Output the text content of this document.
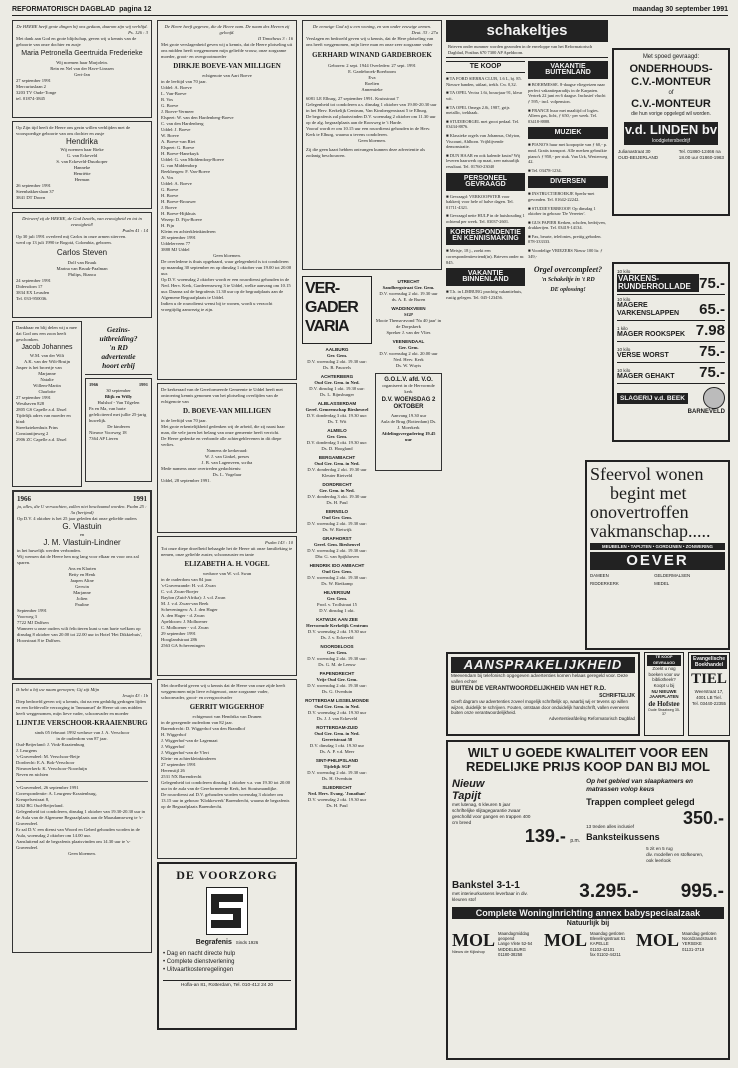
REFORMATORISCH DAGBLAD pagina 12	maandag 30 september 1991
De HEERE heeft grote dingen bij ons gedaan, daarom zijn wij verblijd.
Ps. 126 : 3
Met dank aan God en grote blijdschap, geven wij u kennis van de geboorte van onze dochter en zusje
Maria Petronella Geertruida Frederieke
Wij noemen haar Marjolein.
Rein en Nel van der Have-Linssen
Gert-Jan
27 september 1991
Mercuriuslaan 2
3203 TV Oude-Tonge
tel. 01874-3845
Op Zijn tijd heeft de Heere ons gezin willen verblijden met de voorspoedige geboorte van ons dochter en zusje
Hendrika
Wij noemen haar Rieke
G. van Eckeveld
S. van Eckeveld-Duurkoper
Hanneke
Henriëtte
Herman
26 september 1991
Steenbakkerslaan 37
3841 DT Doorn
Driewerf zij de HEERE, de God Israëls, van eeuwigheid en tot in eeuwigheid!
Psalm 41 : 14
Op 30 juli 1991 overleed mij Carlos in onze armen stierven.
werd op 13 juli 1990 te Bogotá, Colombia, geboren.
Carlos Steven
Dolf van Bruuk
Marina van Bruuk-Paalman
Philips, Bianca
24 september 1991
Didersdorn 17
3834 EX Leusden
Tel. 033-950036.
Dankbaar en blij delen wij u mee dat God ons een zoon heeft geschonken.
Jacob Johannes
W.M. van der Wilt
A.K. van der Wilt-Bruijn
Jasper is het broertje van
Marjanne
Natalie
Willem-Martin
Charlotte
27 september 1991
Westhaven 828
2805 GS Capelle a.d. IJssel
Tijdelijk adres van moeder en kind:
Streekziekenhuis Prins Constantijnweg 2
2906 ZC Capelle a.d. IJssel
Gezins-
uitbreiding?
'n RD
advertentie
hoort erbij
1966	1991
30 september
Blijk en Willy
Hulshof - Van Tilgelen
Pa en Ma, van harte gefeliciteerd met jullie 25-jarig huwelijk.
De kinderen
Nieuwe Voorweg 18
7364 AP Lieren
1966	1991
ja, alles, die U verwachten, zullen niet beschaamd worden. Psalm 25 : 3a (berijmd)
Op D.V. 4 oktober is het 25 jaar geleden dat onze geliefde ouders
G. Vlastuin
en
J. M. Vlastuin-Lindner
in het huwelijk werden verbonden.
Wij wensen dat de Heere hen nog lang voor elkaar en voor ons zal sparen.
Ans en Klarien
Betty en Henk
Jaapen Aline
Gerwin
Marjanne
Jolien
Pauline
September 1991
Voorweg 3
7722 MJ Dalfsen
Wanneer u onze ouders wilt feliciteren kunt u van harte welkom op dinsdag 8 oktober van 20.00 tot 22.00 uur in Hotel 'Het Dikkiehuis', Hoorstraat 8 te Dalfsen.
Ik hebt u bij uw naam geroepen; Gij zijt Mijn
Jesaja 43 : 1b
Diep bedroefd geven wij u kennis, dat na een geduldig gedragen lijden en een liefdevolle verzorging in 'Immanuel' de Heere uit ons midden heeft weggenomen, mijn lieve vader, schoonvader en moeder
LIJNTJE VERSCHOOR-KRAAIENBURG
sinds 05 februari 1992 weduwe van J. A. Verschoor
in de ouderdom van 87 jaar.
Oud-Beijerland: J. Vink-Kraaienburg
J. Leurgens
's-Gravendeel: M. Verschoor-Beije
Dordrecht: E.A. Bok-Verschoor
Nieuwerkerk: K. Verschoor-Noorduijn
Neven en nichten
's-Gravendeel, 26 september 1991
Correspondentie: A. Leurgens-Kraaienburg,
Kreupelsestraat 8,
3262 BG Oud-Beijerland.
Gelegenheid tot condoleren, dinsdag 1 oktober van 19.30-20.30 uur in de Aula van de Algemene Begraafplaats aan de Maasdamseweg te 's-Gravendeel.
Er zal D.V. een dienst van Woord en Gebed gehouden worden in de Aula, woensdag 2 oktober om 14.00 uur.
Aansluitend zal de begrafenis plaatsvinden om 14.30 uur te 's-Gravendeel.
Geen bloemen.
De Heere heeft gegeven, die de Heere nam. De naam des Heeren zij geloofd.
II Timotheus 3 : 16
Met grote verslagenheid geven wij u kennis, dat de Heere plotseling uit ons midden heeft weggenomen mijn geliefde vrouw, onze zorgzame moeder, groot- en overgrootmoeder
DIRKJE BOEVE-VAN MILLIGEN
echtgenote van Aart Boeve
in de leeftijd van 70 jaar.
Uddel: A. Boeve
L. Van-Boeve
B. Vos
G. Boeve
J. Boeve-Vermeer
Elspeet: W. van den Hardenberg-Boeve
C. van den Hardenberg
Uddel: J. Boeve
W. Boeve
A. Boeve-van Riet
Elspeet: G. Boeve
H. Boeve-Hanekuyk
Uddel: G. van Middendorp-Boeve
G. van Middendorp
Beekbergen: F. Van-Boeve
A. Vos
Uddel: A. Boeve
G. Boeve
H. Boeve
H. Boeve-Brouwer
J. Boeve
H. Boeve-Hijkhuis
Wezep: D. Fijn-Boeve
H. Fijn
Kleim en achterkleinkinderen
28 september 1991
Uddelerveen 77
3888 MJ Uddel
Geen bloemen.
De overledene is thuis opgebaard, waar gelegenheid is tot condoleren op maandag 30 september en op dinsdag 1 oktober van 19.00 tot 20.00 uur.
Op D.V. woensdag 2 oktober wordt er een rouwdienst gehouden in de Ned. Herv. Kerk, Garderenseweg 3 te Uddel, welke aanvang om 10.15 uur. Daarna zal de begrafenis 11.30 uur op de begraafplaats aan de Algemene Begraafplaats te Uddel.
Indien u de rouwdienst wenst bij te wonen, wordt u verzocht vroegtijdig aanwezig te zijn.
De kerkeraad van de Gereformeerde Gemeente te Uddel heeft met ontroering kennis genomen van het plotseling overlijden van de echtgenote van
D. BOEVE-VAN MILLIGEN
in de leeftijd van 70 jaar.
Met grote erkentelijkheid gedenken wij de arbeid, die zij naast haar man, die vele jaren het belang van onze gemeente heeft verricht.
De Heere gedenke en verbonde alle achtergeblevenen in dit diepe verlies.
Namens de kerkeraad:
W. J. van Ginkel, preses
J. B. van Lagenveen, scriba
Mede namens onze overtreden gedachtenis:
Ds. L. Vogelaar
Uddel, 28 september 1991.
Psalm 143 : 10
Tot onze diepe droefheid behaagde het de Heere uit onze familieking te nemen, onze geliefde zuster, schoonzuster en tante
ELIZABETH A. H. VOGEL
weduwe van W. v.d. Swan
in de ouderdom van 84 jaar.
's-Gravenzande: H. v.d. Zwan
C. v.d. Zwan-Boejer
Baylon (Zuid-Afrika): J. v.d. Zwan
M. J. v.d. Zwan-van Beek
Scheveningen: A. J. den Hager
A. den Hager - d. Zwan
Apeldoorn: J. Molhoener
C. Molhoener - v.d. Zwan
29 september 1991
Hooglandstraat 286
2563 GA Scheveningen
Met droefheid geven wij u kennis dat de Heere van onze zijde heeft weggenomen mijn lieve echtgenoot, onze zorgzame vader, schoonvader, groot- en overgrootvader
GERRIT WIGGERHOF
echtgenoot van Hendrika van Drunen
in de gezegende ouderdom van 82 jaar.
Barendrecht: D. Wiggerhof van den Brandhof
H. Wiggerhof
J. Wiggerhof-van de Lagemaat
J. Wiggerhof
J. Wiggerhof-van de Vlert
Klein- en achterkleinkinderen
27 september 1991
Herenstijl 26
2531 NX Barendrecht
Gelegenheid tot condoleren dinsdag 1 oktober v.a. van 19.30 tot 20.00 uur in de aula van de Gereformeerde Kerk, het Stoutsmandijke.
De rouwdienst zal D.V. gehouden worden woensdag 3 oktober om 13.15 uur in gebouw 'Klokkewerk' Barendrecht, waarna de begrafenis op de Begraafplaats Barendrecht.
DE VOORZORG
Begrafenis Sinds 1926
• Dag en nacht directe hulp
• Complete dienstverlening
• Uitvaartkostenregelingen
Hofla-an 81, Rotterdam, Tel. 010-412 24 20
De eenwige God zij u een woning, en van onder eeuwige armen.
Deut. 33 : 27a
Verslagen en bedroefd geven wij u kennis, dat de Here plotseling van ons heeft weggenomen, mijn lieve man en onze zeer zorgzame vader
GERHARD WINAND GARDEBROEK
Geboren: 2 sept. 1944 Overleden: 27 sept. 1991
E. Gardebroek-Boerboom
Eva
Roelien
Annemieke
6081 LE Elburg, 27 september 1991. Kruisstraat 7
Gelegenheid tot condoleren a.s. dinsdag 1 oktober van 19.00-20.30 uur in het Herv. Kerkelijk Centrum, Van Kinsbergenstraat 5 te Elburg.
De begrafenis zal plaatsvinden D.V. woensdag 2 oktober om 11.30 uur op de alg. begraafplaats aan de Roosweg te 't Harde.
Vooraf wordt er om 10.15 uur een rouwdienst gehouden in de Herv. Kerk te Elburg, waarna u tevens condoleren.
Geen bloemen.
Zij die geen kaart hebben ontvangen kunnen deze advertentie als zodanig beschouwen.
VER-
GADER
VARIA
AALBURG
Ger. Gem.
D.V. woensdag 2 okt. 19.30 uur:
Ds. B. Pauwels
ACHTERBERG
Oud Ger. Gem. in Ned.
D.V. dinsdag 1 okt. 19.30 uur:
Ds. L. Rijnsburger
ALBLASSERDAM
Geref. Gemeenschap Biesheuvel
D.V. donderdag 3 okt. 19.30 uur:
Ds. T. Wit
ALMELO
Ger. Gem.
D.V. donderdag 3 okt. 19.30 uur:
Ds. D. Hoogland
BERGAMBACHT
Oud Ger. Gem. in Ned.
D.V. donderdag 2 okt. 19.30 uur
Kleuter Rietveld
DORDRECHT
Ger. Gem. in Ned.
D.V. donderdag 3 okt. 19.30 uur
Ds. H. Paul
EERNSLO
Oud Ger. Gem.
D.V. woensdag 2 okt. 19.30 uur:
Ds. W. Rietwijk
GRAFHORST
Geref. Gem. Biesheuvel
D.V. woensdag 2 okt. 19.30 uur:
Dhr. G. van Spijkhoven
HENDRIK IDO AMBACHT
Oud Ger. Gem.
D.V. woensdag 2 okt. 19.30 uur:
Ds. W. Rietkamp
HILVERSUM
Ger. Gem.
Prod. v. Trollstraat 15
D.V. dinsdag 1 okt.
KATWIJK AAN ZEE
Hervormde Kerkelijk Centrum
D.V. woensdag 2 okt. 19.30 uur
Ds. J. v. Eckeveld
NOORDELOOS
Ger. Gem.
D.V. woensdag 2 okt. 19.30 uur:
Ds. G. M. de Leeuw
PAPENDRECHT
Vrije Oud Ger. Gem.
D.V. woensdag 2 okt. 19.30 uur:
Ds. G. Overduin
ROTTERDAM LISSELMONDE
Oud Ger. Gem. in Ned.
D.V. woensdag 2 okt. 19.30 uur
Ds. J. J. van Eckeveld
ROTTERDAM-ZUID
Oud Ger. Gem. in Ned. Gerretstraat 58
D.V. dinsdag 1 okt. 19.30 uur
Ds. A. P. v.d. Meer
SINT-PHILIPSLAND
Tijdelijk SGP
D.V. woensdag 2 okt. 19.30 uur:
Ds. H. Overduin
SLIEDRECHT
Ned. Herv. Evang. 'Jonathan'
D.V. woensdag 2 okt. 19.30 uur
Ds. H. Paul
UTRECHT
Sandbergstraat Ger. Gem.
D.V. woensdag 2 okt. 19.30 uur
ds. A. E. de Buren
WADDINXVEEN
SGP
Mooie Thema-avond 'Na 40 jaar' in de Dorpskerk
Spreker J. van der Vlies
VEENENDAAL
Ger. Gem.
D.V. woensdag 2 okt. 20.00 uur Ned. Herv. Kerk
Ds. W. Wuyts
G.O.L.V. afd. V.O.
organiseert in de Hervormde kerk
D.V. WOENSDAG 2 OKTOBER
Aanvang 19.30 uur
Aula de Brug (Rotterdam) Ds. J. Moerkerk
Afdelingsvergadering 19.45 uur
schakeltjes
Brieven onder nummer worden gezonden in de enveloppe van het Reformatorisch Dagblad, Postbus 670 7300 AP Apeldoorn.
TE KOOP
■ TA FORD SIERRA CLUB, 1.6 L, bj. 85. Nieuwe banden, uitlaat, trekh. Cw. 0,32.
■ TA OPEL Vectra 1.6i, bouwjaar 91, kleur wit.
■ TA OPEL Omega 2.0i, 1987, grijs metallic, trekhaak.
■ STUDIEORGEL met groot pedaal. Tel. 03434-8876.
■ Klassieke orgels van Johannus, Orlyton, Viscount, Ahlborn. Vrijblijvende demonstratie.
■ DUN HAAR en ook kalende kruin? Wij leveren haarwerk op maat, zeer natuurlijk resultaat. Tel. 01760-23040
PERSONEEL GEVRAAGD
■ Gevraagd: VERKOOPSTER voor bakkerij voor hele of halve dagen. Tel. 01711-4321.
■ Gevraagd nette HULP in de huishouding 1 ochtend per week. Tel. 03037-2601.
KORRESPONDENTIE EN KENNISMAKING
■ Meisje, 18 j., zoekt een correspondentievriend(in). Brieven onder nr. 845.
VAKANTIE BINNENLAND
■ T.h. in LIMBURG prachtig vakantiehuis, rustig gelegen. Tel. 045-123456.
VAKANTIE BUITENLAND
■ BOEHMESSE. 8-daagse vliegreizen naar perfect vakantieparadijs in de Karpaten. Vertrek 22 juni en 6 daagse. Inclusief vlucht ƒ 595,- incl. volpension.
■ FRANCE huur met maaltijd of logies. Alleen gas, licht, ƒ 650,- per week. Tel. 03418-8888.
MUZIEK
■ PIANO'S huur met koopoptie van ƒ 60,- p. mnd. Gratis transport. Alle merken gebruikte piano's ƒ 950,- per stuk. Van Urk, Westerweg 42.
■ Tel. 03478-1234.
DIVERSEN
■ INSTRUCTIEBOEKJE Sperlu-met gevonden. Tel. 01642-22242.
■ STUDIEVERBEOOP. Op dinsdag 1 oktober in gebouw 'De Vereeter'.
■ GUS PAPIER Kerken, scholen, bedrijven, drukkerijen. Tel. 03419-14134.
■ Fax, beurte, telefonies, prettig geboden. 078-333333.
■ Voordelige VRIEZERS Nieuw 100 ltr. ƒ 349,-
Orgel overcompleet?
'n Schakeltje in 't RD
DE oplossing!
Met spoed gevraagd:
ONDERHOUDS- C.V.-MONTEUR
of
C.V.-MONTEUR
die hun vorige opgelegd wil worden.
v.d. LINDEN bv
loodgietersbedrijf
Julianastraat 30
OUD-BEIJERLAND
Tel. 01860-12466 na
18.00 uur 01860-1963
10 kilo
VARKENS-RUNDERROLLADE 75.-
10 kilo
MAGERE VARKENSLAPPEN	65.-
1 kilo
MAGER ROOKSPEK 7.98
10 kilo
VERSE WORST 75.-
10 kilo
MAGER GEHAKT 75.-
SLAGERIJ v.d. BEEK
BARNEVELD
Sfeervol wonen
begint met
onovertroffen
vakmanschap.....
MEUBELEN • TAPIJTEN • GORDIJNEN • ZONWERING
OEVER
DAMEEN	GELDERMALSEN
RIDDERKERK	MEDEL
AANSPRAKELIJKHEID
Meevendam bij telefonisch opgegeven advertenties komen helaas geregeld voor. Deze vallen echter
BUITEN DE VERANTWOORDELIJKHEID VAN HET R.D.
SCHRIFTELIJK
Geeft dagram uw advertenties zoveel mogelijk schriftelijk op, waarbij wij er tevens op willen wijzen, duidelijk te schrijven. Fouten, ontstaan door onduidelijk handschrift, vallen eveneens buiten onze verantwoordelijkheid.
Advertentieafdeling Reformatorisch Dagblad
TE KOOP GEVRAAGD
Zoekt u nog boeken voor uw bibliotheek?
Koopt u bij
NU NIEUWE
JAARPLATEN
de Hofstee
Oude Straatweg 35-37
Evangelische Boekhandel
TIEL
Weerstraat 17,
4001 LB Tiel.
Tel. 03440-22355
WILT U GOEDE KWALITEIT VOOR EEN
REDELIJKE PRIJS KOOP DAN BIJ MOL
Nieuw
Tapijt
met lutenag, 6 kleuren 5 jaar schriftelijke slijtagegarantie zwaar gescholld voor gangen en trappen 400 cm breed
139.- p.m.
Op het gebied van slaapkamers en matrassen volop keus
Trappen compleet gelegd
13 treden alles inclusief	350.-
Banksteikussens
5 zit en 5 rug
div. modellen en stofkeuren,
ook leerlook
Bankstel 3-1-1
met interieurkussens leverbaar in div. kleuren stof	3.295.- 995.-
Complete Woninginrichting annex babyspeciaalzaak
Natuurlijk bij
MOL
Nieuw de Kijkshop
Maandagmiddag
geopend
Lange Vlete 52-54
MIDDELBURG
01180-38258
MOL Maandag gesloten
Blevelingsstraat 51
KAPELLE
01102-42101
fax 01102-44211
MOL Maandag gesloten
Noordzandstraat 6
YERSEKE
01131-3719
